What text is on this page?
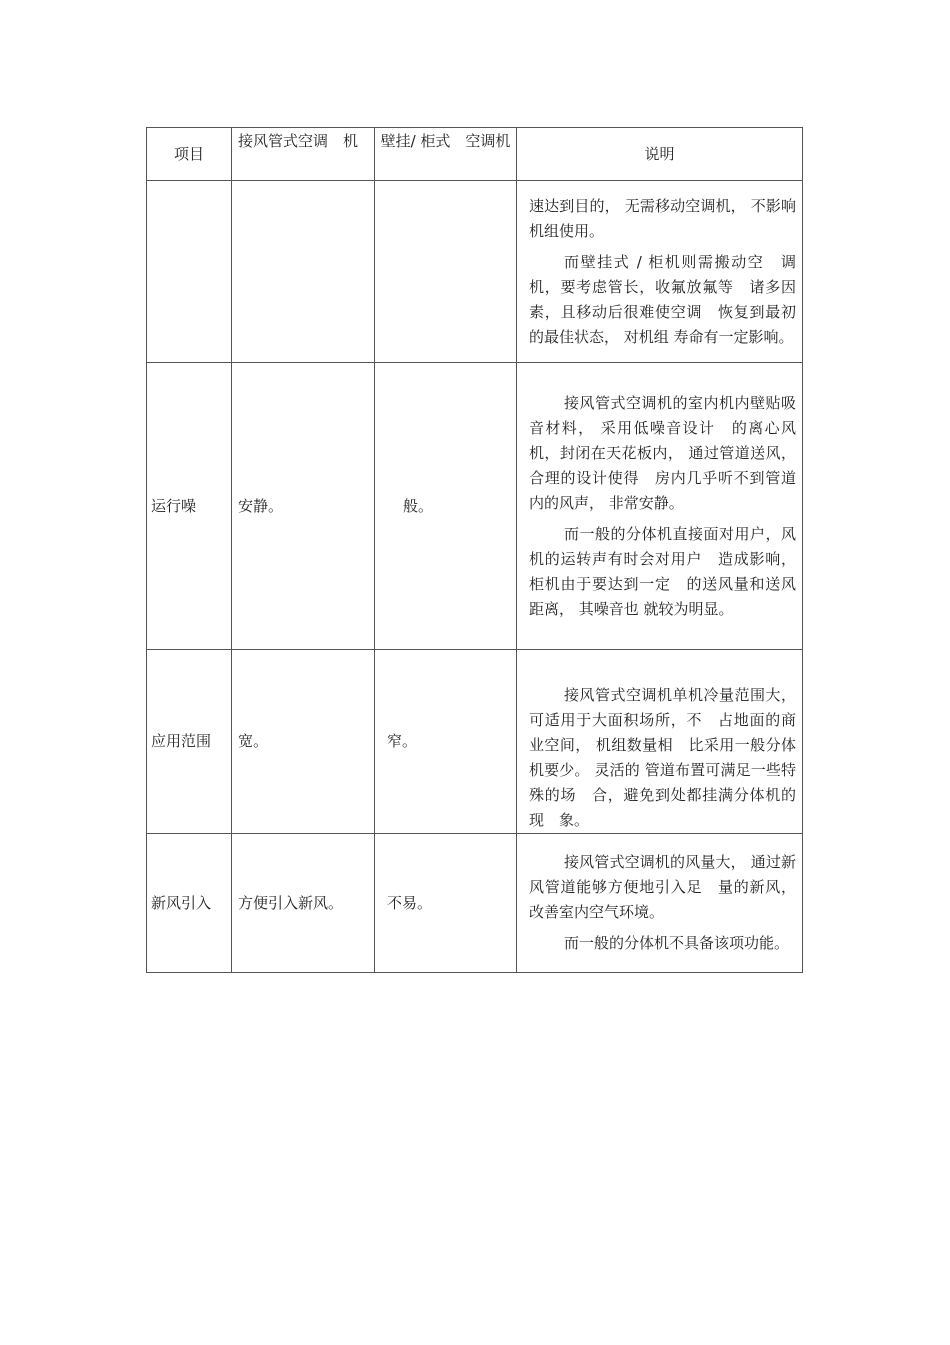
项目	接风管式空调　机	壁挂/ 柜式　空调机	说明

			速达到目的， 无需移动空调机， 不影响机组使用。

而壁挂式 / 柜机则需搬动空　调机，要考虑管长，收氟放氟等　诸多因素，且移动后很难使空调　恢复到最初的最佳状态， 对机组 寿命有一定影响。

运行噪	安静。	般。	接风管式空调机的室内机内壁贴吸音材料， 采用低噪音设计　的离心风机，封闭在天花板内， 通过管道送风，合理的设计使得　房内几乎听不到管道内的风声， 非常安静。

而一般的分体机直接面对用户，风机的运转声有时会对用户　造成影响，柜机由于要达到一定　的送风量和送风距离， 其噪音也 就较为明显。

应用范围	宽。	窄。	接风管式空调机单机冷量范围大，可适用于大面积场所，不　占地面的商业空间， 机组数量相　比采用一般分体机要少。 灵活的 管道布置可满足一些特殊的场　合，避免到处都挂满分体机的现　象。

新风引入	方便引入新风。	不易。	接风管式空调机的风量大， 通过新风管道能够方便地引入足　量的新风，改善室内空气环境。

而一般的分体机不具备该项功能。
